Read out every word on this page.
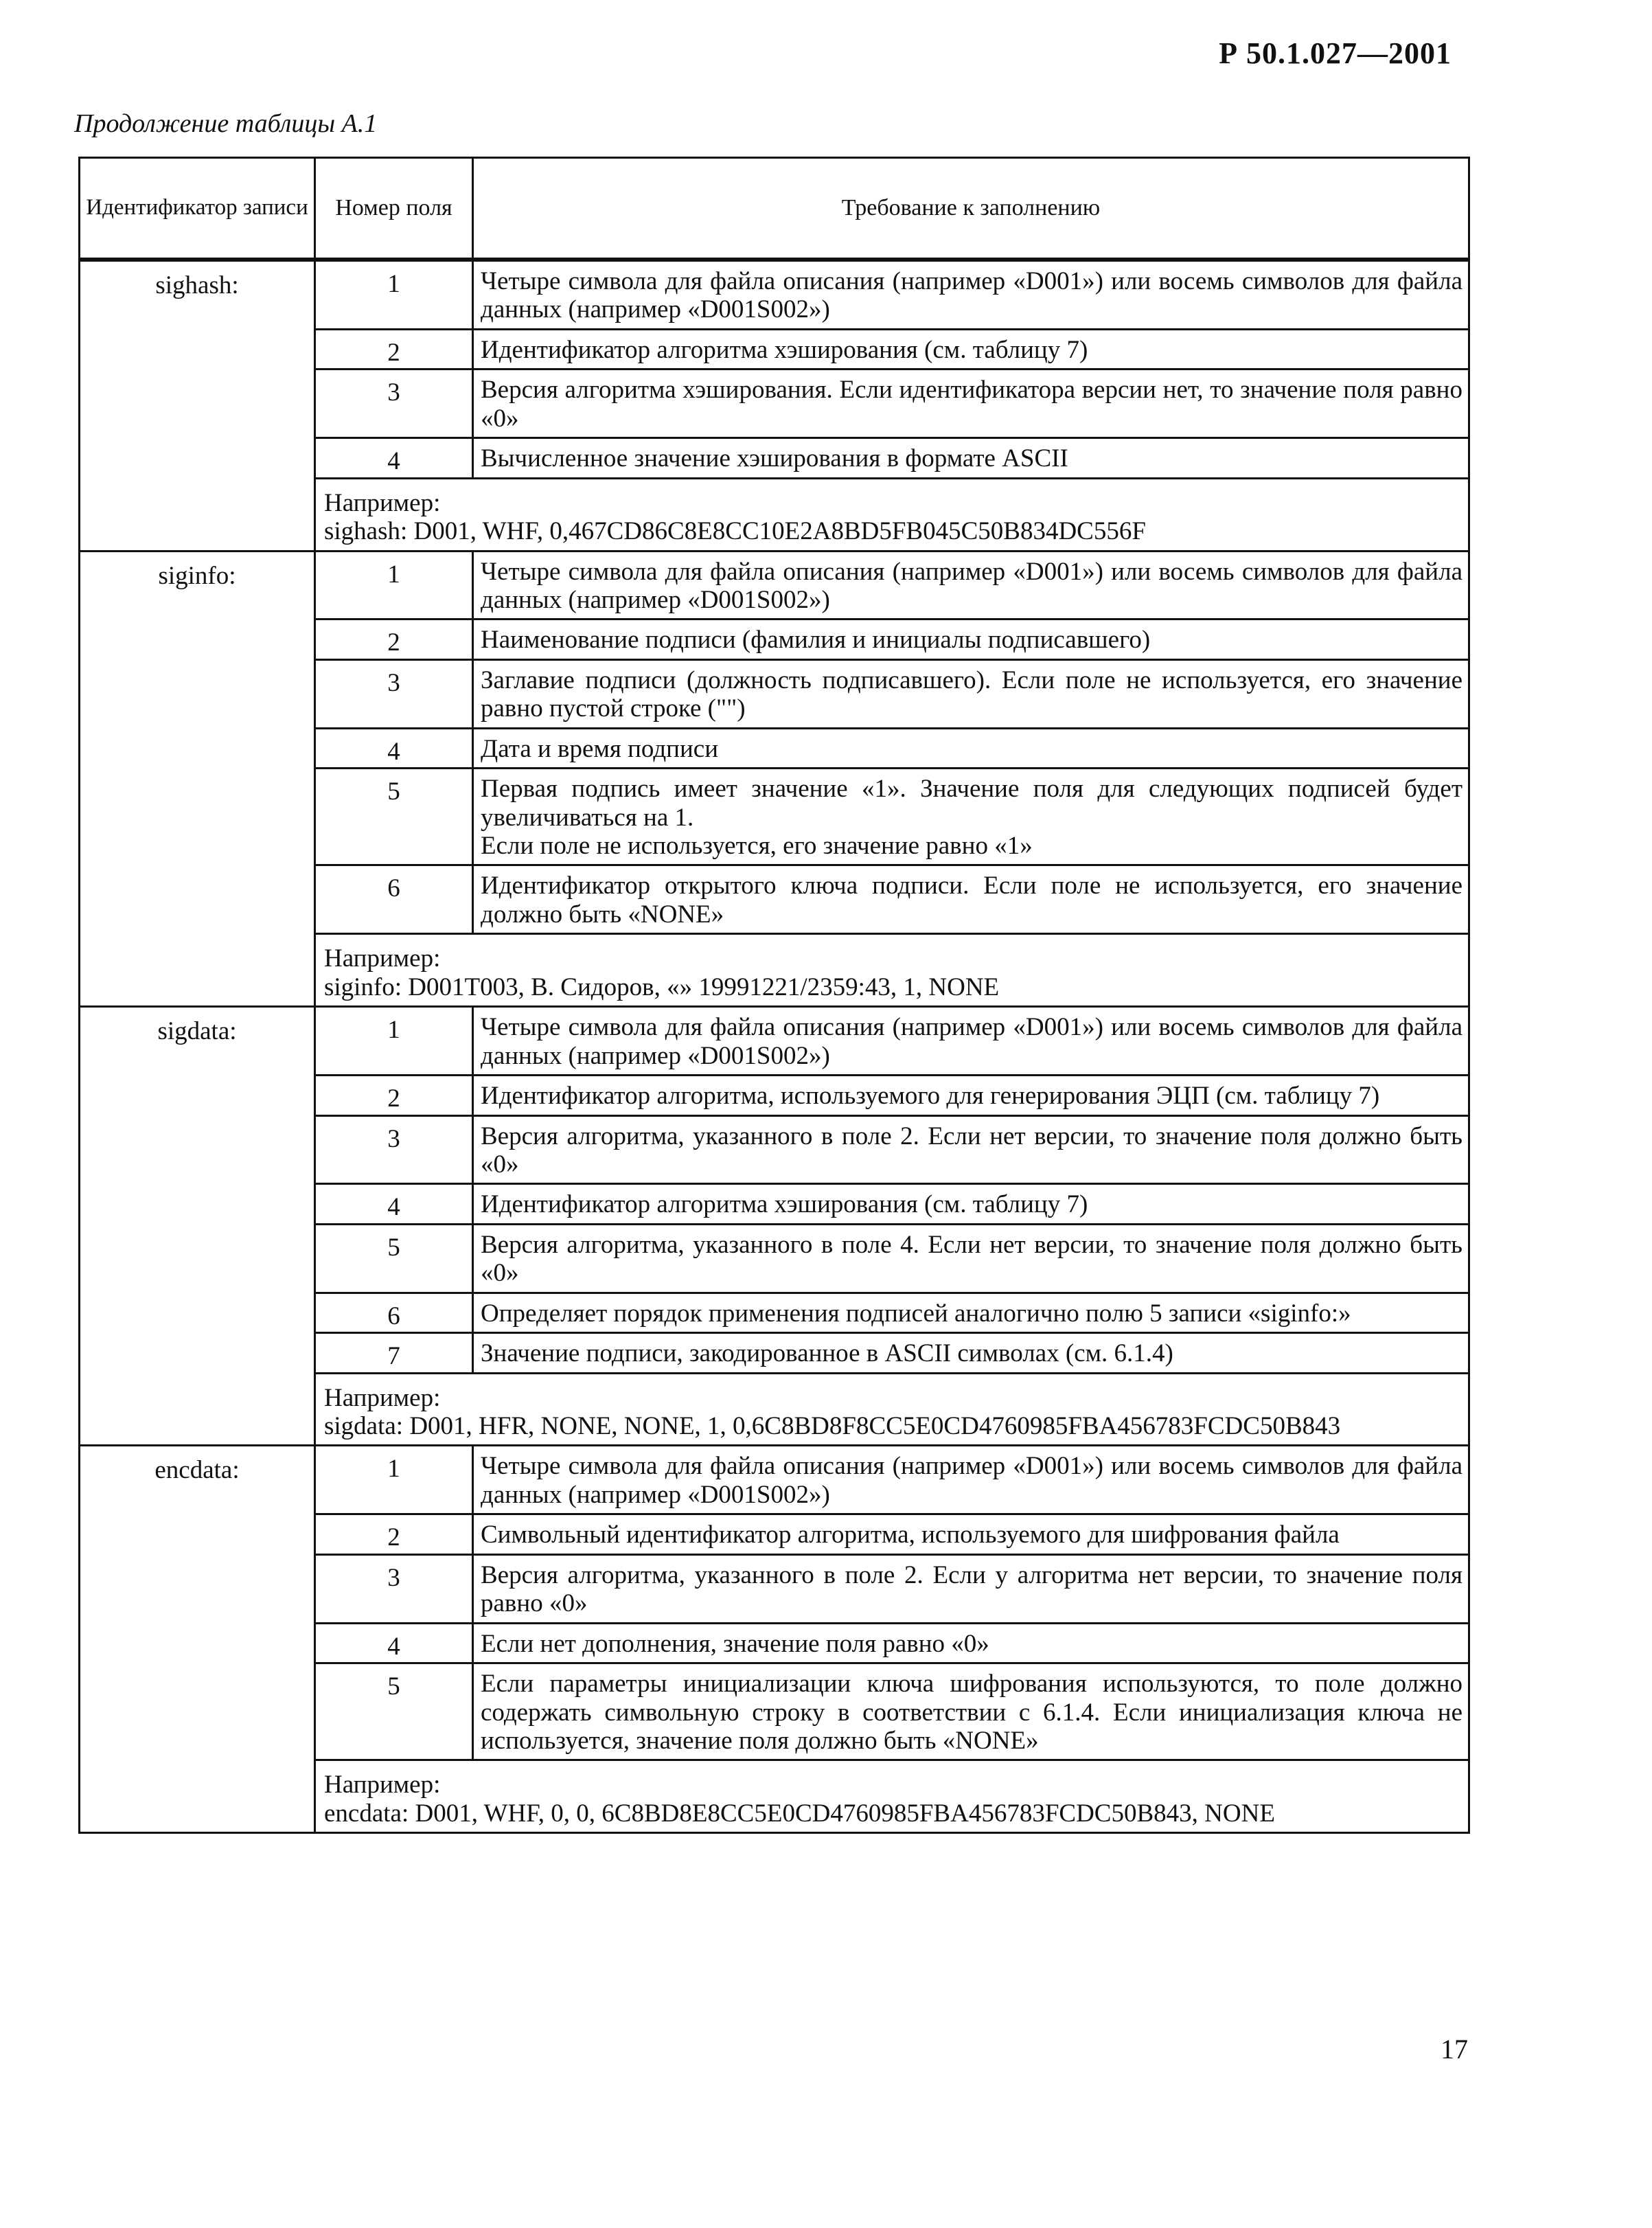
Р 50.1.027—2001
Продолжение таблицы А.1
Идентификатор записи	Номер поля	Требование к заполнению
sighash:	1	Четыре символа для файла описания (например «D001») или восемь символов для файла данных (например «D001S002»)
	2	Идентификатор алгоритма хэширования (см. таблицу 7)
	3	Версия алгоритма хэширования. Если идентификатора версии нет, то значение поля равно «0»
	4	Вычисленное значение хэширования в формате ASCII

	Например:
sighash: D001, WHF, 0,467CD86C8E8CC10E2A8BD5FB045C50B834DC556F	

siginfo:	1	Четыре символа для файла описания (например «D001») или восемь символов для файла данных (например «D001S002»)
	2	Наименование подписи (фамилия и инициалы подписавшего)
	3	Заглавие подписи (должность подписавшего). Если поле не используется, его значение равно пустой строке ("")
	4	Дата и время подписи
	5	Первая подпись имеет значение «1». Значение поля для следующих подписей будет увеличиваться на 1.
Если поле не используется, его значение равно «1»
	6	Идентификатор открытого ключа подписи. Если поле не используется, его значение должно быть «NONE»

	Например:
siginfo: D001T003, В. Сидоров, «» 19991221/2359:43, 1, NONE	

sigdata:	1	Четыре символа для файла описания (например «D001») или восемь символов для файла данных (например «D001S002»)
	2	Идентификатор алгоритма, используемого для генерирования ЭЦП (см. таблицу 7)
	3	Версия алгоритма, указанного в поле 2. Если нет версии, то значение поля должно быть «0»
	4	Идентификатор алгоритма хэширования (см. таблицу 7)
	5	Версия алгоритма, указанного в поле 4. Если нет версии, то значение поля должно быть «0»
	6	Определяет порядок применения подписей аналогично полю 5 записи «siginfo:»
	7	Значение подписи, закодированное в ASCII символах (см. 6.1.4)

	Например:
sigdata: D001, HFR, NONE, NONE, 1, 0,6C8BD8F8CC5E0CD4760985FBA456783FCDC50B843	

encdata:	1	Четыре символа для файла описания (например «D001») или восемь символов для файла данных (например «D001S002»)
	2	Символьный идентификатор алгоритма, используемого для шифрования файла
	3	Версия алгоритма, указанного в поле 2. Если у алгоритма нет версии, то значение поля равно «0»
	4	Если нет дополнения, значение поля равно «0»
	5	Если параметры инициализации ключа шифрования используются, то поле должно содержать символьную строку в соответствии с 6.1.4. Если инициализация ключа не используется, значение поля должно быть «NONE»

	Например:
encdata: D001, WHF, 0, 0, 6C8BD8E8CC5E0CD4760985FBA456783FCDC50B843, NONE	
17
